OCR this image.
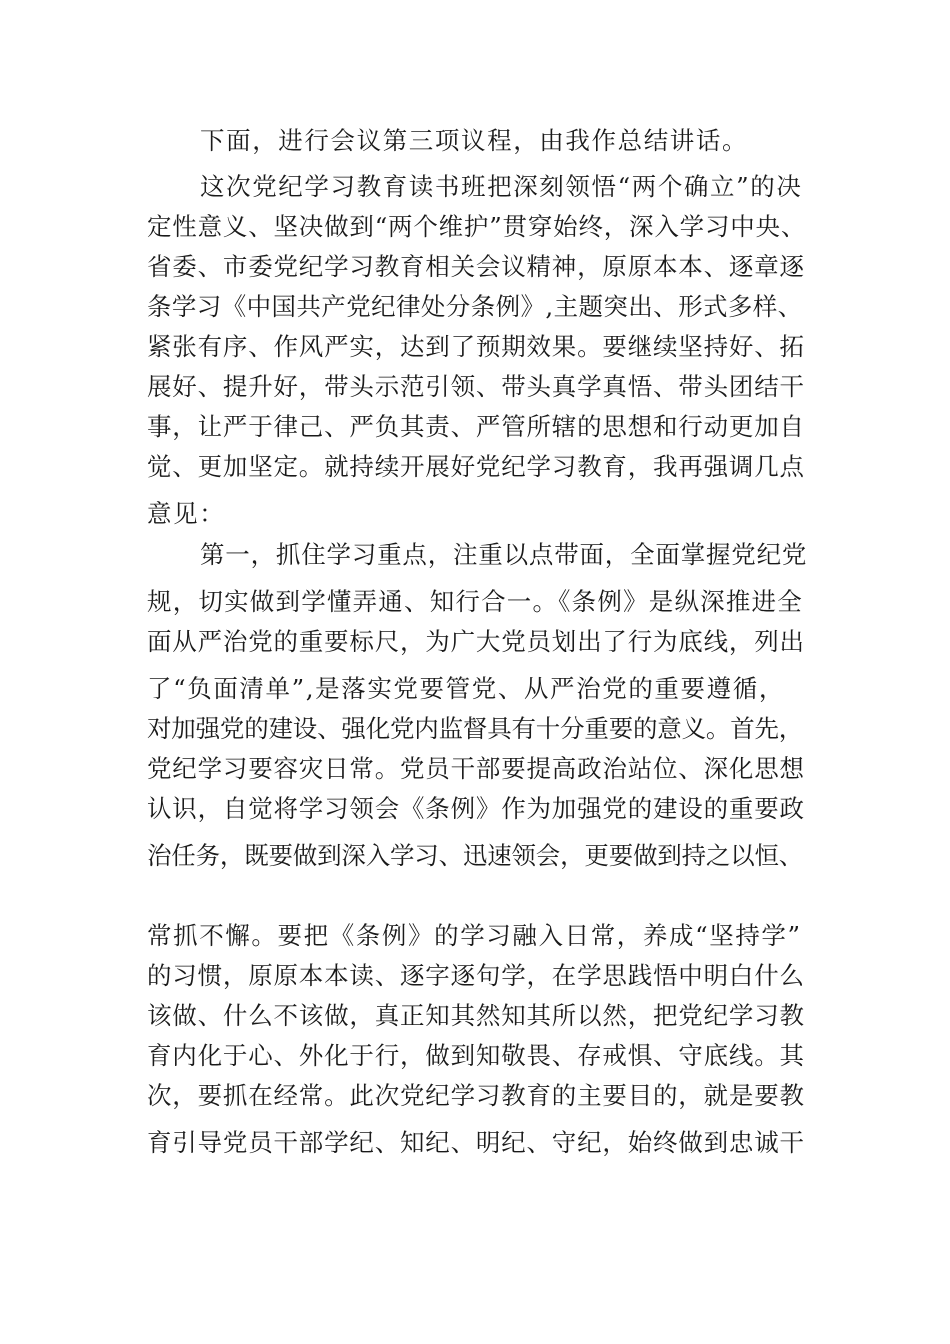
下面，进行会议第三项议程，由我作总结讲话。
这次党纪学习教育读书班把深刻领悟“两个确立”的决
定性意义、坚决做到“两个维护”贯穿始终，深入学习中央、
省委、市委党纪学习教育相关会议精神，原原本本、逐章逐
条学习《中国共产党纪律处分条例》,主题突出、形式多样、
紧张有序、作风严实，达到了预期效果。要继续坚持好、拓
展好、提升好，带头示范引领、带头真学真悟、带头团结干
事，让严于律己、严负其责、严管所辖的思想和行动更加自
觉、更加坚定。就持续开展好党纪学习教育，我再强调几点
意见：
第一，抓住学习重点，注重以点带面，全面掌握党纪党
规，切实做到学懂弄通、知行合一。《条例》是纵深推进全
面从严治党的重要标尺，为广大党员划出了行为底线，列出
了“负面清单”,是落实党要管党、从严治党的重要遵循，
对加强党的建设、强化党内监督具有十分重要的意义。首先，
党纪学习要容灾日常。党员干部要提高政治站位、深化思想
认识，自觉将学习领会《条例》作为加强党的建设的重要政
治任务，既要做到深入学习、迅速领会，更要做到持之以恒、
常抓不懈。要把《条例》的学习融入日常，养成“坚持学”
的习惯，原原本本读、逐字逐句学，在学思践悟中明白什么
该做、什么不该做，真正知其然知其所以然，把党纪学习教
育内化于心、外化于行，做到知敬畏、存戒惧、守底线。其
次，要抓在经常。此次党纪学习教育的主要目的，就是要教
育引导党员干部学纪、知纪、明纪、守纪，始终做到忠诚干
